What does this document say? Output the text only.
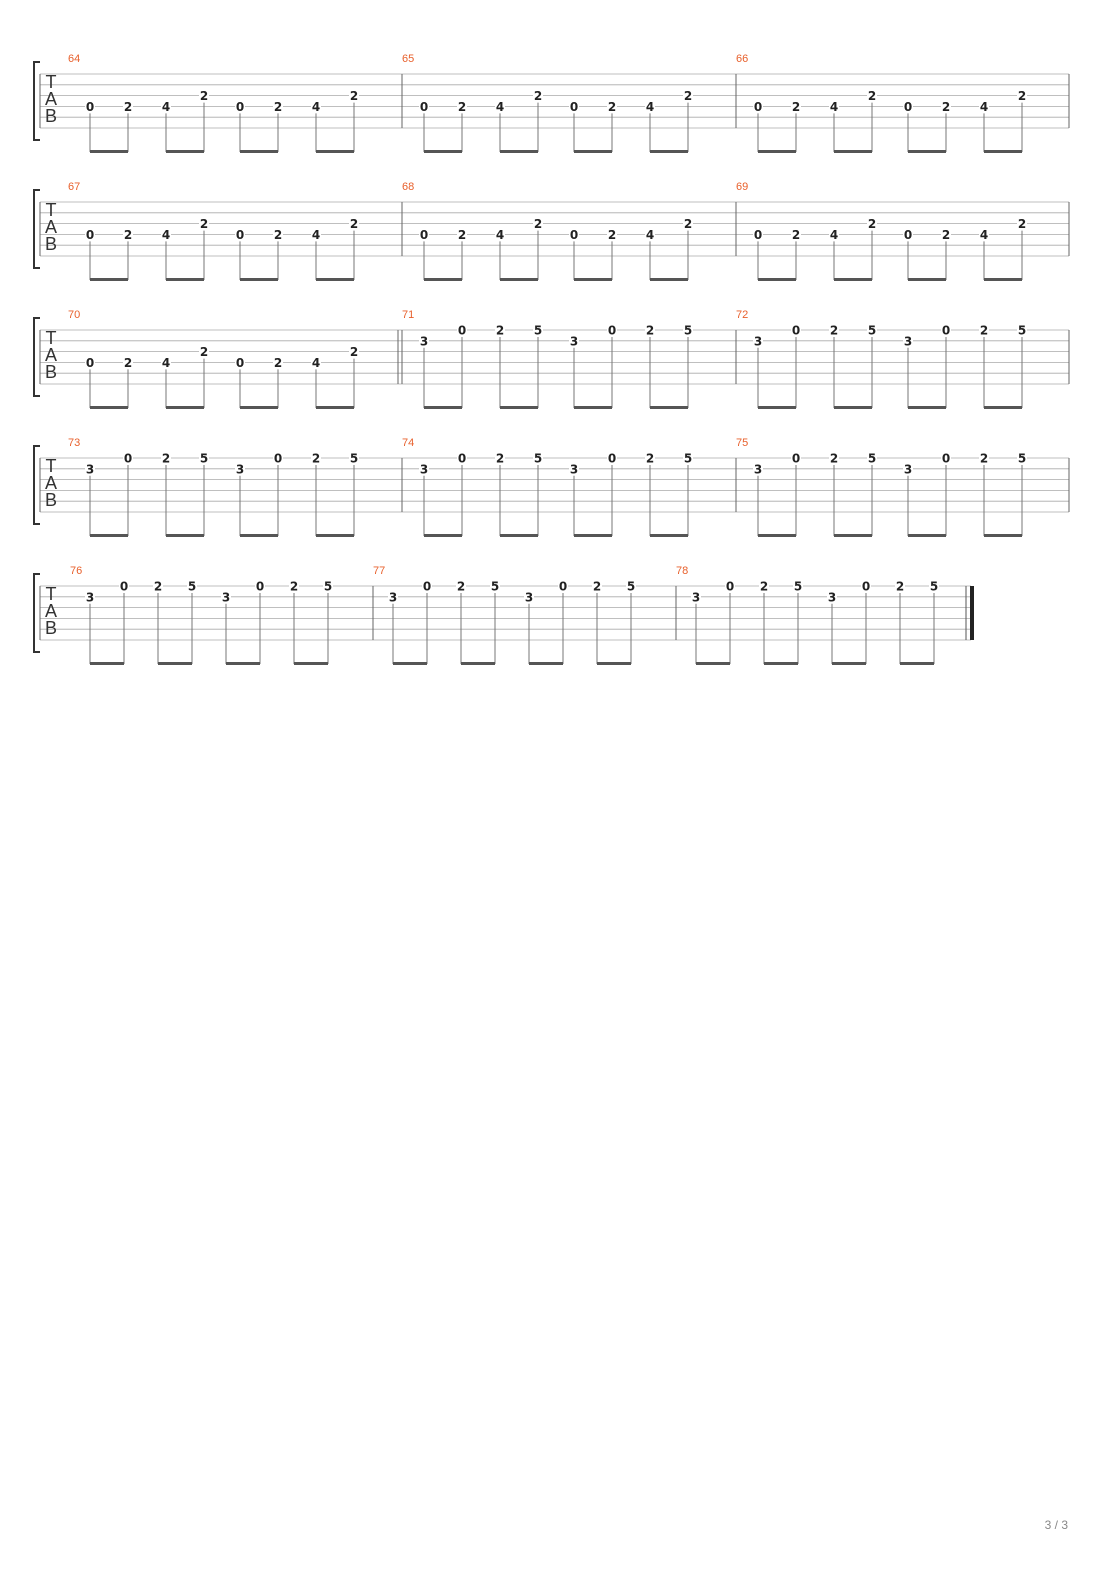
T
A
B
64
0 2 4
2
0 2 4
2
65
0 2 4
2
0 2 4
2
66
0 2 4
2
0 2 4
2
T
A
B
67
0 2 4
2
0 2 4
2
68
0 2 4
2
0 2 4
2
69
0 2 4
2
0 2 4
2
T
A
B
70
0 2 4
2
0 2 4
2
71
3
0 2 5
3
0 2 5
72
3
0 2 5
3
0 2 5
T
A
B
73
3
0 2 5
3
0 2 5
74
3
0 2 5
3
0 2 5
75
3
0 2 5
3
0 2 5
T
A
B
76
3
0 2 5
3
0 2 5
77
3
0 2 5
3
0 2 5
78
3
0 2 5
3
0 2 5
3 / 3
